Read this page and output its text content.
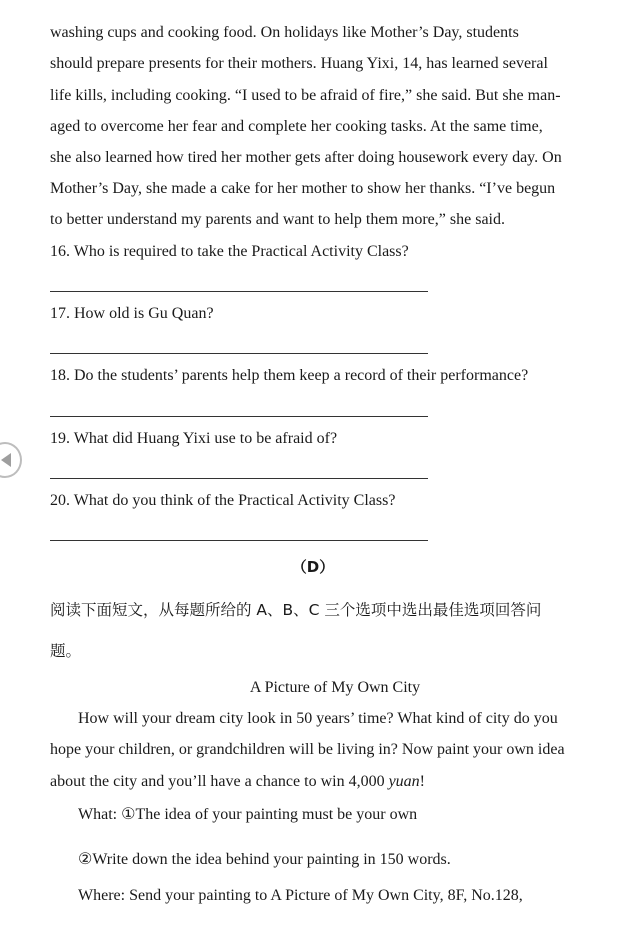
washing cups and cooking food. On holidays like Mother’s Day, students
should prepare presents for their mothers. Huang Yixi, 14, has learned several
life kills, including cooking. “I used to be afraid of fire,” she said. But she man-
aged to overcome her fear and complete her cooking tasks. At the same time,
she also learned how tired her mother gets after doing housework every day. On
Mother’s Day, she made a cake for her mother to show her thanks. “I’ve begun
to better understand my parents and want to help them more,” she said.
16. Who is required to take the Practical Activity Class?
17. How old is Gu Quan?
18. Do the students’ parents help them keep a record of their performance?
19. What did Huang Yixi use to be afraid of?
20. What do you think of the Practical Activity Class?
（D）
阅读下面短文，从每题所给的 A、B、C 三个选项中选出最佳选项回答问
题。
A Picture of My Own City
How will your dream city look in 50 years’ time? What kind of city do you
hope your children, or grandchildren will be living in? Now paint your own idea
about the city and you’ll have a chance to win 4,000 yuan!
What: ①The idea of your painting must be your own
②Write down the idea behind your painting in 150 words.
Where: Send your painting to A Picture of My Own City, 8F, No.128,
